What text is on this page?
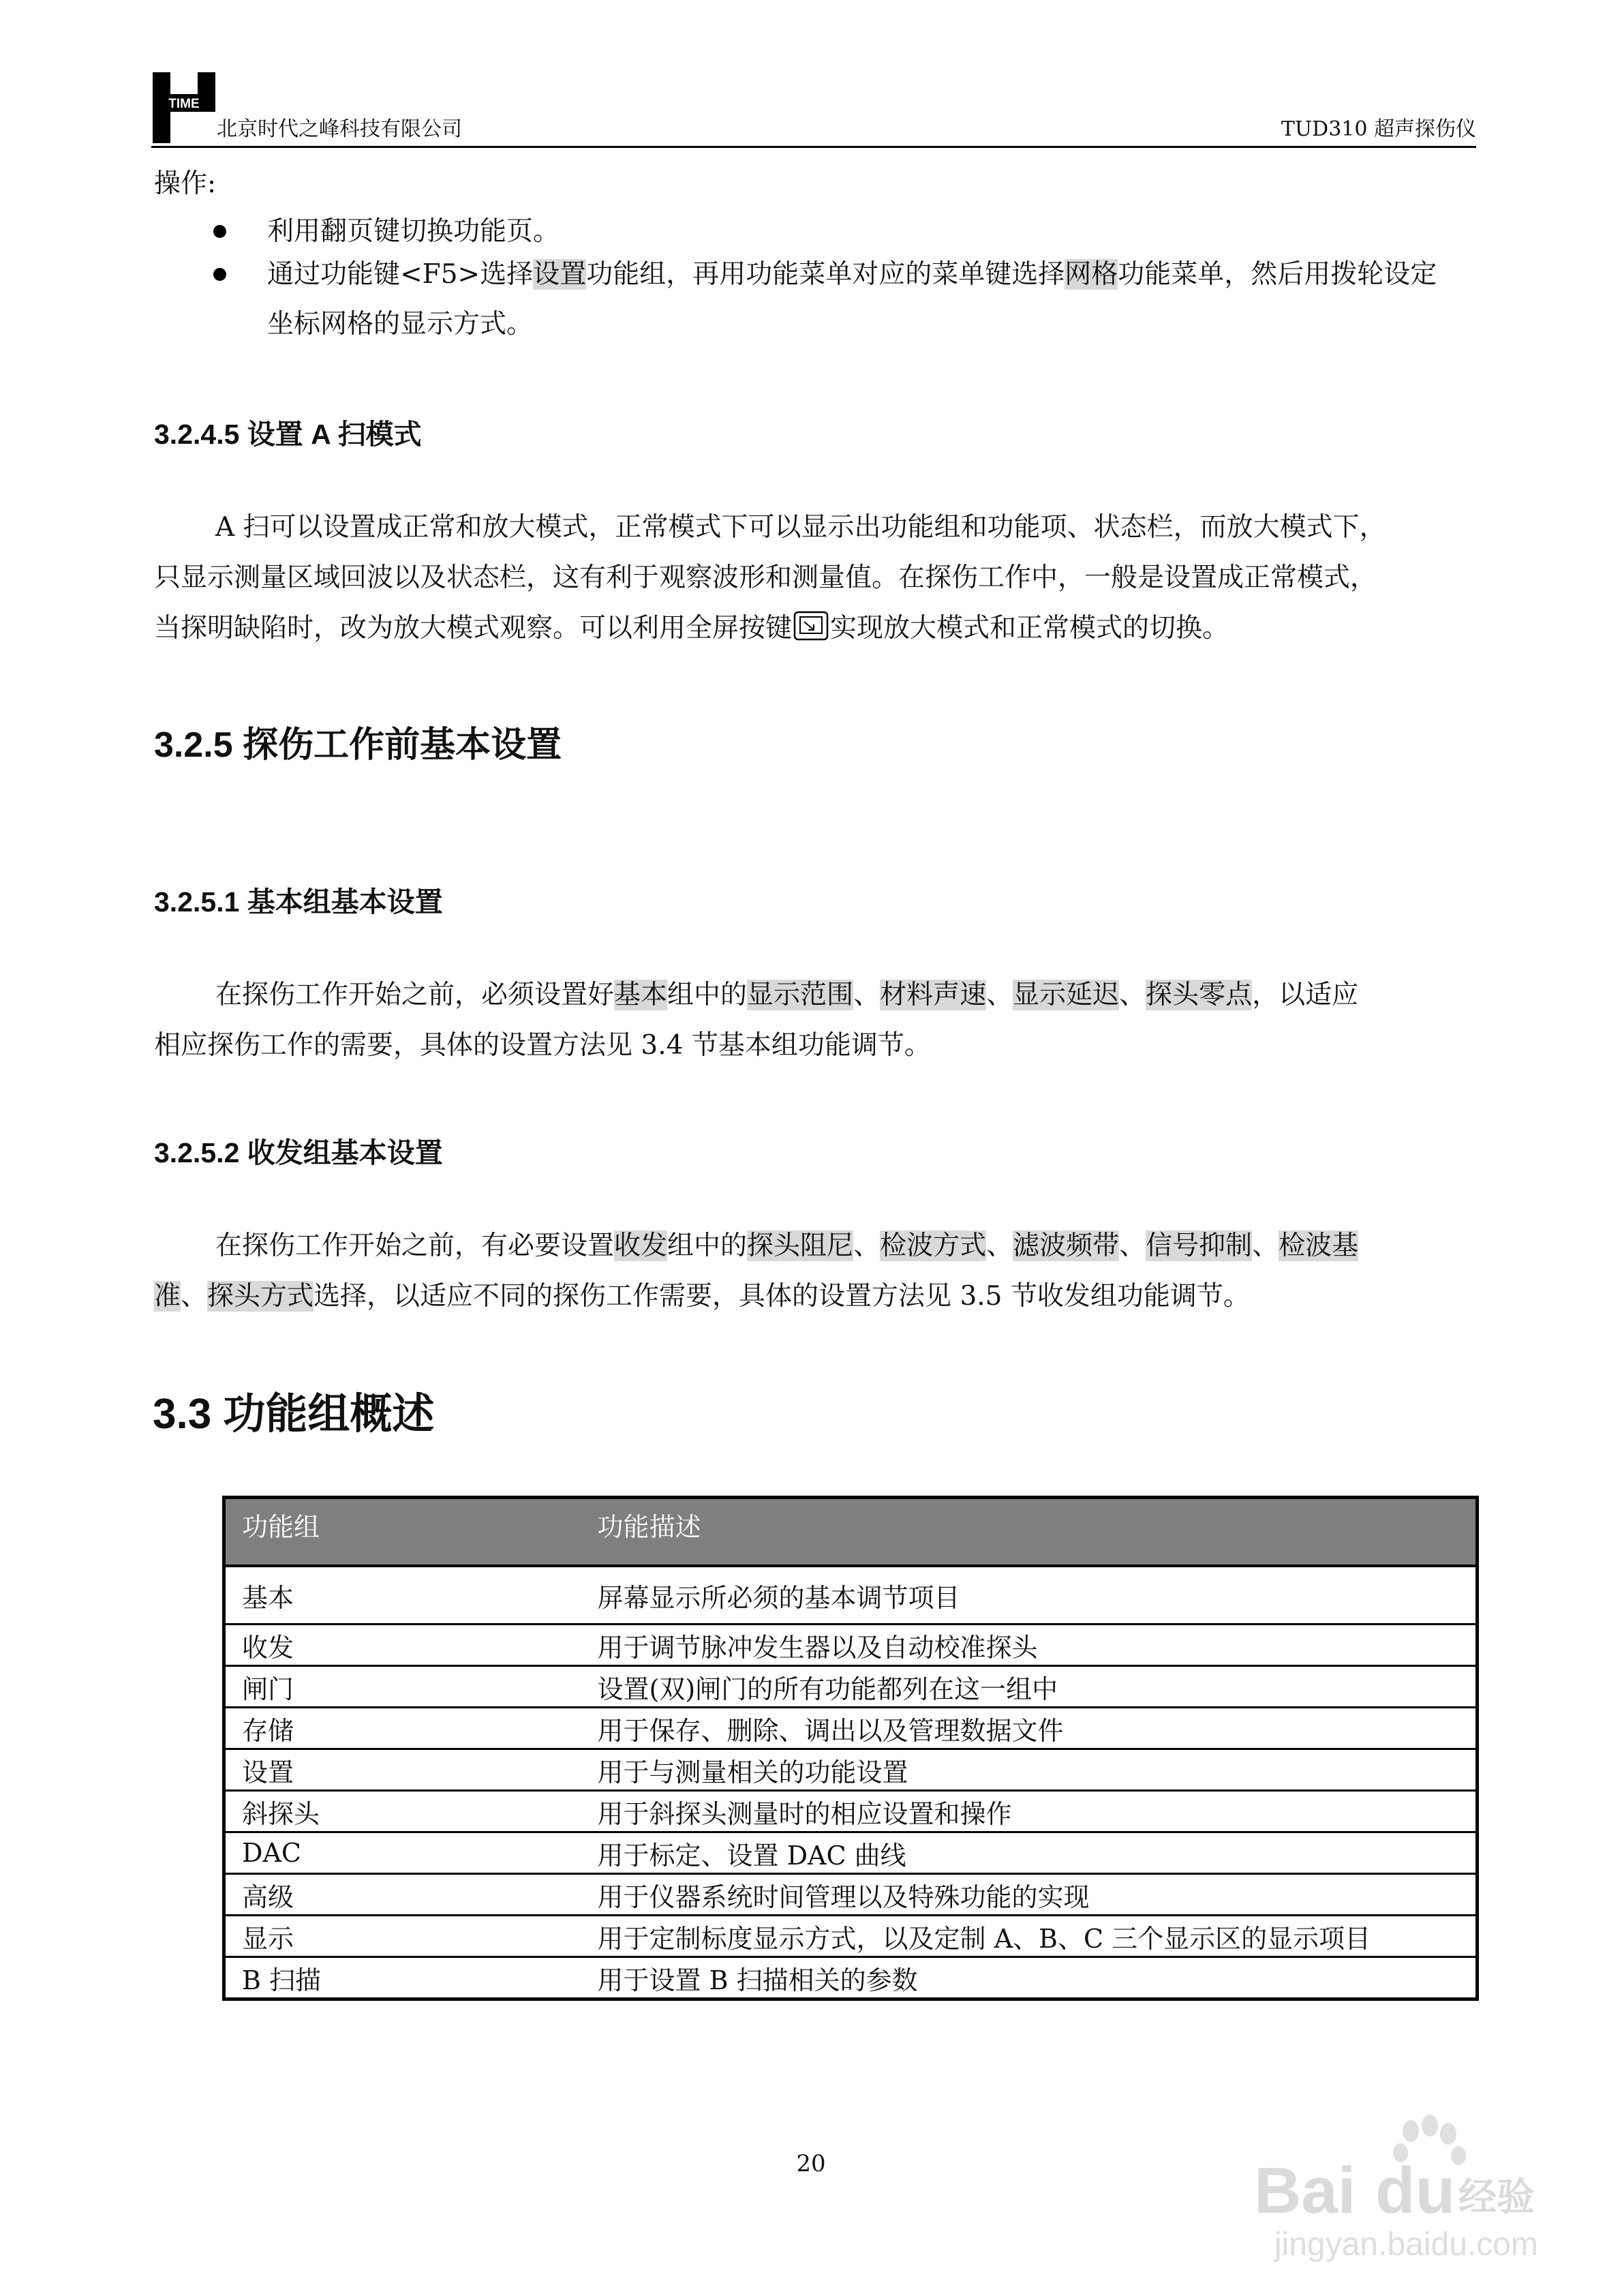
TIME
北京时代之峰科技有限公司	TUD310 超声探伤仪
操作:
利用翻页键切换功能页。
通过功能键<F5>选择设置功能组，再用功能菜单对应的菜单键选择网格功能菜单，然后用拨轮设定
坐标网格的显示方式。
3.2.4.5 设置 A 扫模式
A 扫可以设置成正常和放大模式，正常模式下可以显示出功能组和功能项、状态栏，而放大模式下，
只显示测量区域回波以及状态栏，这有利于观察波形和测量值。在探伤工作中，一般是设置成正常模式，
当探明缺陷时，改为放大模式观察。可以利用全屏按键 实现放大模式和正常模式的切换。
3.2.5 探伤工作前基本设置
3.2.5.1 基本组基本设置
在探伤工作开始之前，必须设置好基本组中的显示范围、材料声速、显示延迟、探头零点，以适应
相应探伤工作的需要，具体的设置方法见 3.4 节基本组功能调节。
3.2.5.2 收发组基本设置
在探伤工作开始之前，有必要设置收发组中的探头阻尼、检波方式、滤波频带、信号抑制、检波基
准、探头方式选择，以适应不同的探伤工作需要，具体的设置方法见 3.5 节收发组功能调节。
3.3 功能组概述
功能组	功能描述
基本	屏幕显示所必须的基本调节项目
收发	用于调节脉冲发生器以及自动校准探头
闸门	设置(双)闸门的所有功能都列在这一组中
存储	用于保存、删除、调出以及管理数据文件
设置	用于与测量相关的功能设置
斜探头	用于斜探头测量时的相应设置和操作
DAC	用于标定、设置 DAC 曲线
高级	用于仪器系统时间管理以及特殊功能的实现
显示	用于定制标度显示方式，以及定制 A、B、C 三个显示区的显示项目
B 扫描	用于设置 B 扫描相关的参数
20	Bai du 经验
jingyan.baidu.com
